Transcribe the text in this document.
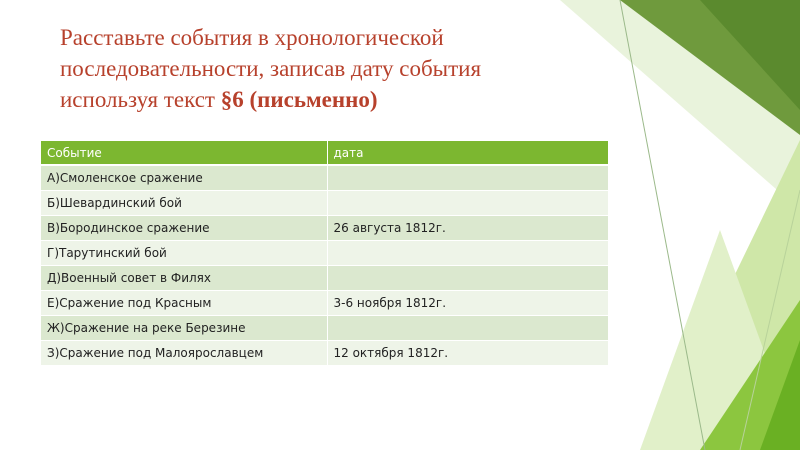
Расставьте события в хронологической последовательности, записав дату события используя текст §6 (письменно)
Событие	дата
А)Смоленское сражение	
Б)Шевардинский бой	
В)Бородинское сражение	26 августа 1812г.
Г)Тарутинский бой	
Д)Военный совет в Филях	
Е)Сражение под Красным	3-6 ноября 1812г.
Ж)Сражение на реке Березине	
З)Сражение под Малоярославцем	12 октября 1812г.
